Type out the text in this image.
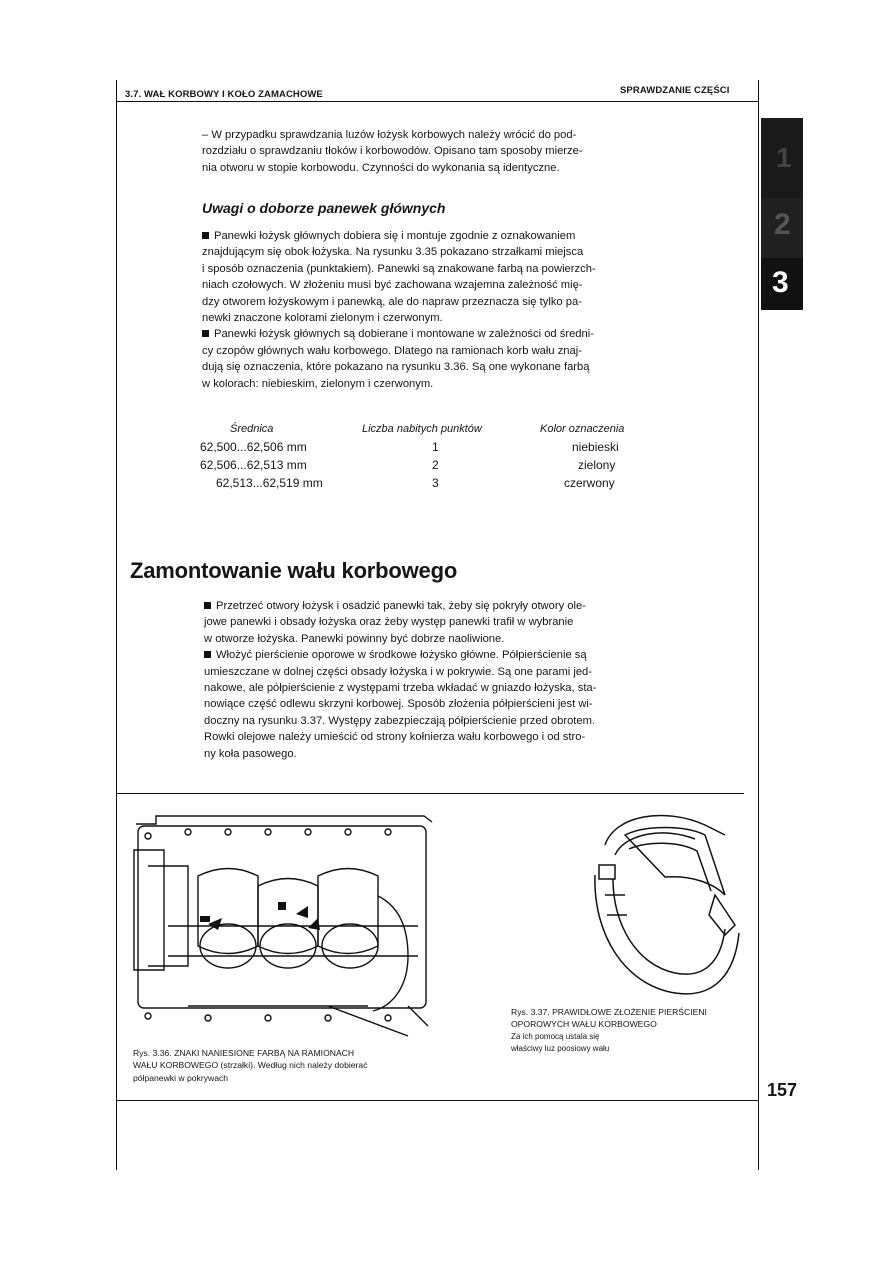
3.7. WAŁ KORBOWY I KOŁO ZAMACHOWE	SPRAWDZANIE CZĘŚCI
1
2
3

– W przypadku sprawdzania luzów łożysk korbowych należy wrócić do pod-

rozdziału o sprawdzaniu tłoków i korbowodów. Opisano tam sposoby mierze-

nia otworu w stopie korbowodu. Czynności do wykonania są identyczne.

Uwagi o doborze panewek głównych

Panewki łożysk głównych dobiera się i montuje zgodnie z oznakowaniem

znajdującym się obok łożyska. Na rysunku 3.35 pokazano strzałkami miejsca

i sposób oznaczenia (punktakiem). Panewki są znakowane farbą na powierzch-

niach czołowych. W złożeniu musi być zachowana wzajemna zależność mię-

dzy otworem łożyskowym i panewką, ale do napraw przeznacza się tylko pa-

newki znaczone kolorami zielonym i czerwonym.

Panewki łożysk głównych są dobierane i montowane w zależności od średni-

cy czopów głównych wału korbowego. Dlatego na ramionach korb wału znaj-

dują się oznaczenia, które pokazano na rysunku 3.36. Są one wykonane farbą

w kolorach: niebieskim, zielonym i czerwonym.

Średnica	Liczba nabitych punktów	Kolor oznaczenia
62,500...62,506 mm	1	niebieski
62,506...62,513 mm	2	zielony
62,513...62,519 mm	3	czerwony
Zamontowanie wału korbowego

Przetrzeć otwory łożysk i osadzić panewki tak, żeby się pokryły otwory ole-

jowe panewki i obsady łożyska oraz żeby występ panewki trafił w wybranie

w otworze łożyska. Panewki powinny być dobrze naoliwione.

Włożyć pierścienie oporowe w środkowe łożysko główne. Półpierścienie są

umieszczane w dolnej części obsady łożyska i w pokrywie. Są one parami jed-

nakowe, ale półpierścienie z występami trzeba wkładać w gniazdo łożyska, sta-

nowiące część odlewu skrzyni korbowej. Sposób złożenia półpierścieni jest wi-

doczny na rysunku 3.37. Występy zabezpieczają półpierścienie przed obrotem.

Rowki olejowe należy umieścić od strony kołnierza wału korbowego i od stro-

ny koła pasowego.

Rys. 3.36. ZNAKI NANIESIONE FARBĄ NA RAMIONACH
WAŁU KORBOWEGO (strzałki). Według nich należy dobierać
półpanewki w pokrywach
Rys. 3.37. PRAWIDŁOWE ZŁOŻENIE PIERŚCIENI
OPOROWYCH WAŁU KORBOWEGO
Za ich pomocą ustala się
właściwy luz poosiowy wału
157
